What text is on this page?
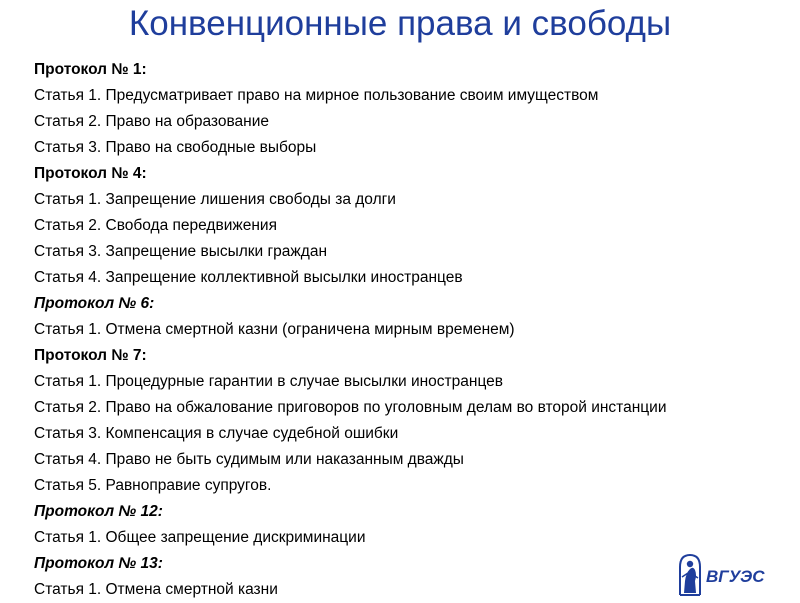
Конвенционные права и свободы
Протокол № 1:
Статья 1. Предусматривает право на мирное пользование своим имуществом
Статья 2. Право на образование
Статья 3. Право на свободные выборы
Протокол № 4:
Статья 1. Запрещение лишения свободы за долги
Статья 2. Свобода передвижения
Статья 3. Запрещение высылки граждан
Статья 4. Запрещение коллективной высылки иностранцев
Протокол № 6:
Статья 1. Отмена смертной казни (ограничена мирным временем)
Протокол № 7:
Статья 1. Процедурные гарантии в случае высылки иностранцев
Статья 2. Право на обжалование приговоров по уголовным делам во второй инстанции
Статья 3. Компенсация в случае судебной ошибки
Статья 4. Право не быть судимым или наказанным дважды
Статья 5. Равноправие супругов.
Протокол № 12:
Статья 1. Общее запрещение дискриминации
Протокол № 13:
Статья 1. Отмена смертной казни
ВГУЭС
